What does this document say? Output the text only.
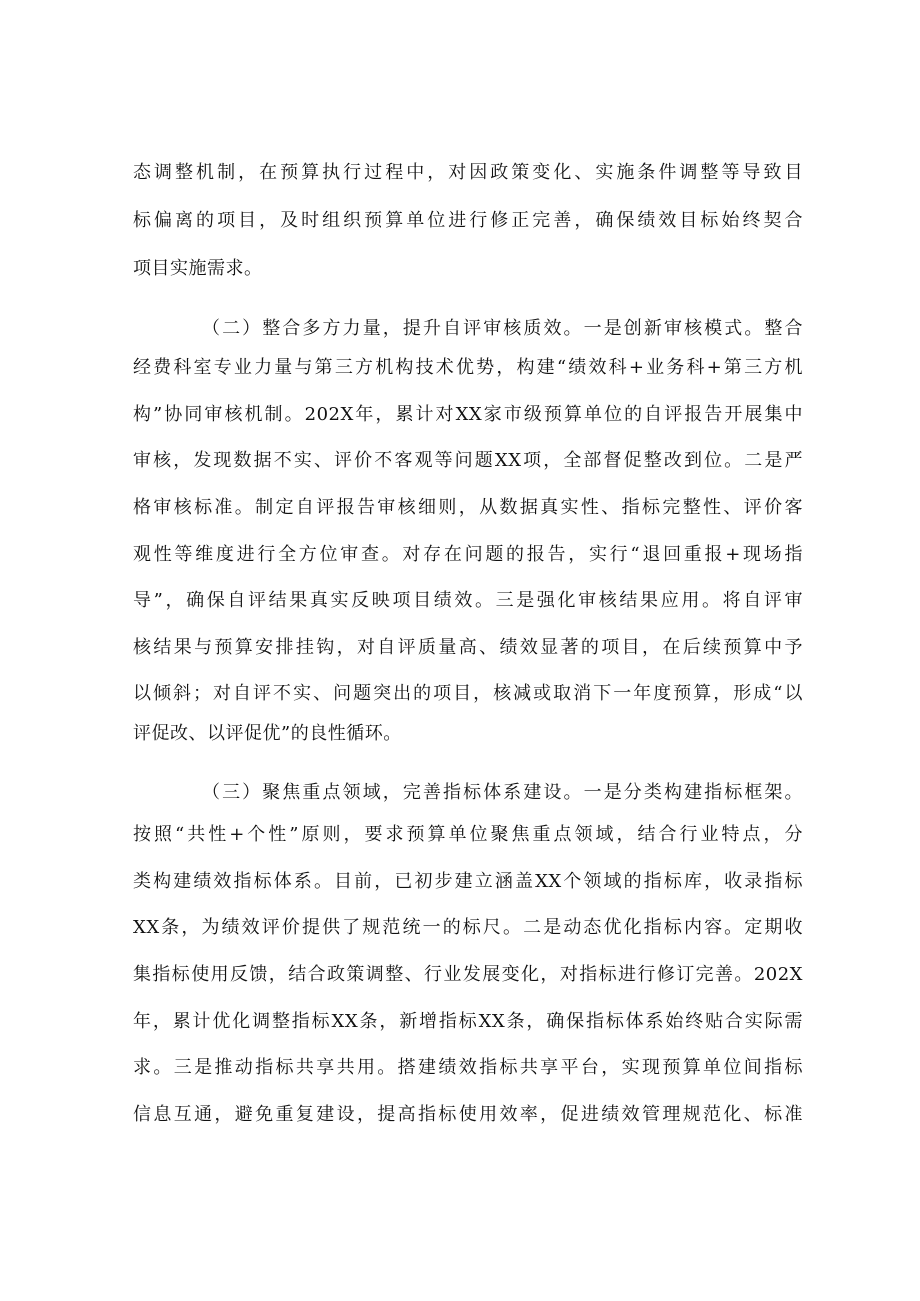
态调整机制，在预算执行过程中，对因政策变化、实施条件调整等导致目
标偏离的项目，及时组织预算单位进行修正完善，确保绩效目标始终契合
项目实施需求。
（二）整合多方力量，提升自评审核质效。一是创新审核模式。整合
经费科室专业力量与第三方机构技术优势，构建“绩效科+业务科+第三方机
构”协同审核机制。202X年，累计对XX家市级预算单位的自评报告开展集中
审核，发现数据不实、评价不客观等问题XX项，全部督促整改到位。二是严
格审核标准。制定自评报告审核细则，从数据真实性、指标完整性、评价客
观性等维度进行全方位审查。对存在问题的报告，实行“退回重报+现场指
导”，确保自评结果真实反映项目绩效。三是强化审核结果应用。将自评审
核结果与预算安排挂钩，对自评质量高、绩效显著的项目，在后续预算中予
以倾斜；对自评不实、问题突出的项目，核减或取消下一年度预算，形成“以
评促改、以评促优”的良性循环。
（三）聚焦重点领域，完善指标体系建设。一是分类构建指标框架。
按照“共性+个性”原则，要求预算单位聚焦重点领域，结合行业特点，分
类构建绩效指标体系。目前，已初步建立涵盖XX个领域的指标库，收录指标
XX条，为绩效评价提供了规范统一的标尺。二是动态优化指标内容。定期收
集指标使用反馈，结合政策调整、行业发展变化，对指标进行修订完善。202X
年，累计优化调整指标XX条，新增指标XX条，确保指标体系始终贴合实际需
求。三是推动指标共享共用。搭建绩效指标共享平台，实现预算单位间指标
信息互通，避免重复建设，提高指标使用效率，促进绩效管理规范化、标准
